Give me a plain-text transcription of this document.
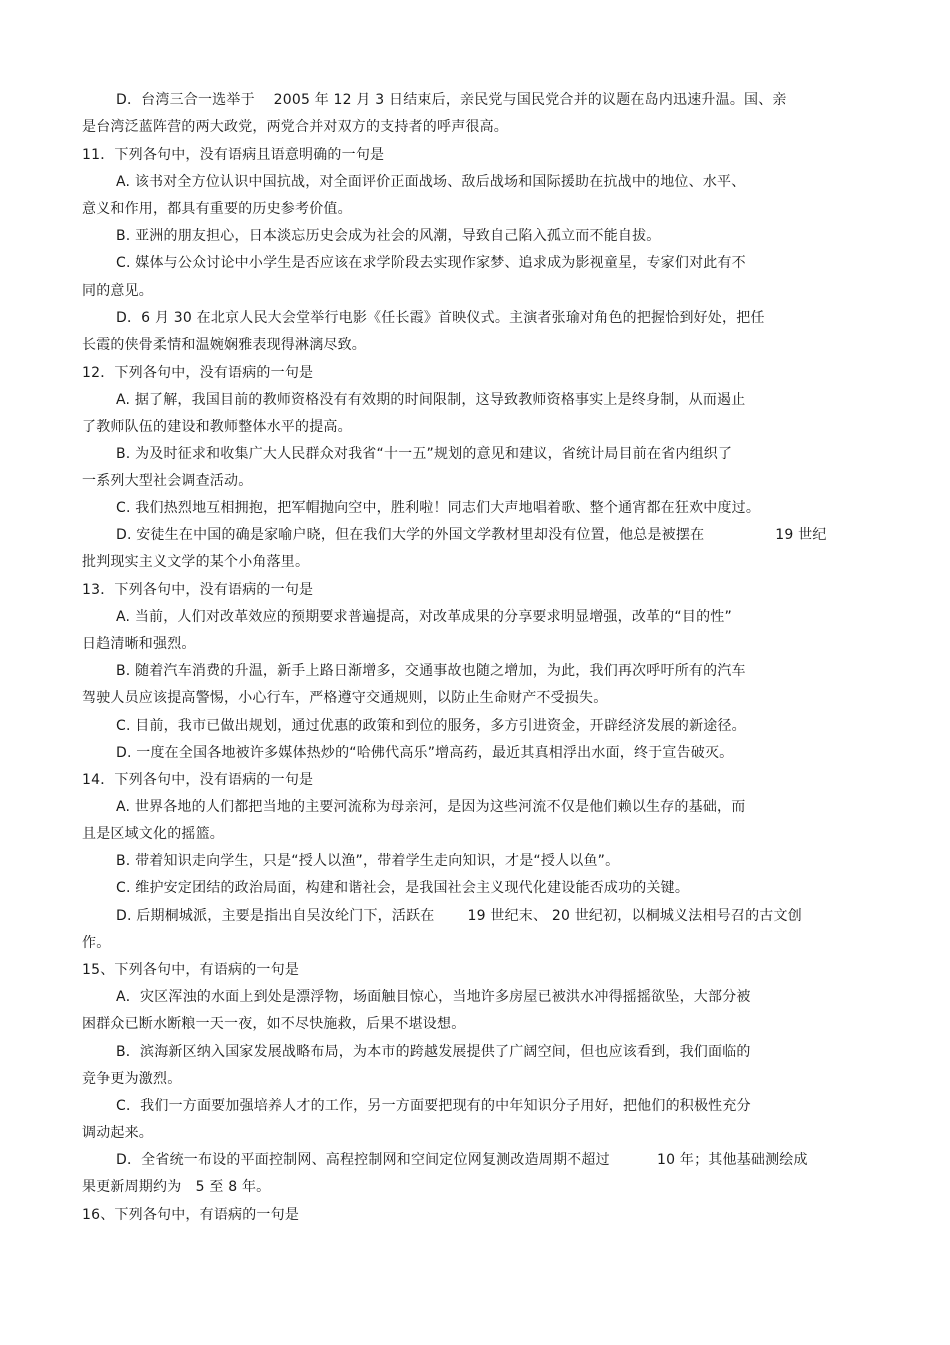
D．台湾三合一选举于　 2005 年 12 月 3 日结束后，亲民党与国民党合并的议题在岛内迅速升温。国、亲
是台湾泛蓝阵营的两大政党，两党合并对双方的支持者的呼声很高。
11．下列各句中，没有语病且语意明确的一句是
A. 该书对全方位认识中国抗战，对全面评价正面战场、敌后战场和国际援助在抗战中的地位、水平、
意义和作用，都具有重要的历史参考价值。
B. 亚洲的朋友担心，日本淡忘历史会成为社会的风潮，导致自己陷入孤立而不能自拔。
C. 媒体与公众讨论中小学生是否应该在求学阶段去实现作家梦、追求成为影视童星，专家们对此有不
同的意见。
D．6 月 30 在北京人民大会堂举行电影《任长霞》首映仪式。主演者张瑜对角色的把握恰到好处，把任
长霞的侠骨柔情和温婉娴雅表现得淋漓尽致。
12．下列各句中，没有语病的一句是
A. 据了解，我国目前的教师资格没有有效期的时间限制，这导致教师资格事实上是终身制，从而遏止
了教师队伍的建设和教师整体水平的提高。
B. 为及时征求和收集广大人民群众对我省“十一五”规划的意见和建议，省统计局目前在省内组织了
一系列大型社会调查活动。
C. 我们热烈地互相拥抱，把军帽抛向空中，胜利啦！同志们大声地唱着歌、整个通宵都在狂欢中度过。
D. 安徒生在中国的确是家喻户晓，但在我们大学的外国文学教材里却没有位置，他总是被摆在　　　　　19 世纪
批判现实主义文学的某个小角落里。
13．下列各句中，没有语病的一句是
A. 当前，人们对改革效应的预期要求普遍提高，对改革成果的分享要求明显增强，改革的“目的性”
日趋清晰和强烈。
B. 随着汽车消费的升温，新手上路日渐增多，交通事故也随之增加，为此，我们再次呼吁所有的汽车
驾驶人员应该提高警惕，小心行车，严格遵守交通规则，以防止生命财产不受损失。
C. 目前，我市已做出规划，通过优惠的政策和到位的服务，多方引进资金，开辟经济发展的新途径。
D. 一度在全国各地被许多媒体热炒的“哈佛代高乐”增高药，最近其真相浮出水面，终于宣告破灭。
14．下列各句中，没有语病的一句是
A. 世界各地的人们都把当地的主要河流称为母亲河，是因为这些河流不仅是他们赖以生存的基础，而
且是区域文化的摇篮。
B. 带着知识走向学生，只是“授人以渔”，带着学生走向知识，才是“授人以鱼”。
C. 维护安定团结的政治局面，构建和谐社会，是我国社会主义现代化建设能否成功的关键。
D. 后期桐城派，主要是指出自吴汝纶门下，活跃在　　 19 世纪末、 20 世纪初，以桐城义法相号召的古文创
作。
15、下列各句中，有语病的一句是
A．灾区浑浊的水面上到处是漂浮物，场面触目惊心，当地许多房屋已被洪水冲得摇摇欲坠，大部分被
困群众已断水断粮一天一夜，如不尽快施救，后果不堪设想。
B．滨海新区纳入国家发展战略布局，为本市的跨越发展提供了广阔空间，但也应该看到，我们面临的
竞争更为激烈。
C．我们一方面要加强培养人才的工作，另一方面要把现有的中年知识分子用好，把他们的积极性充分
调动起来。
D．全省统一布设的平面控制网、高程控制网和空间定位网复测改造周期不超过　　　 10 年；其他基础测绘成
果更新周期约为　5 至 8 年。
16、下列各句中，有语病的一句是
